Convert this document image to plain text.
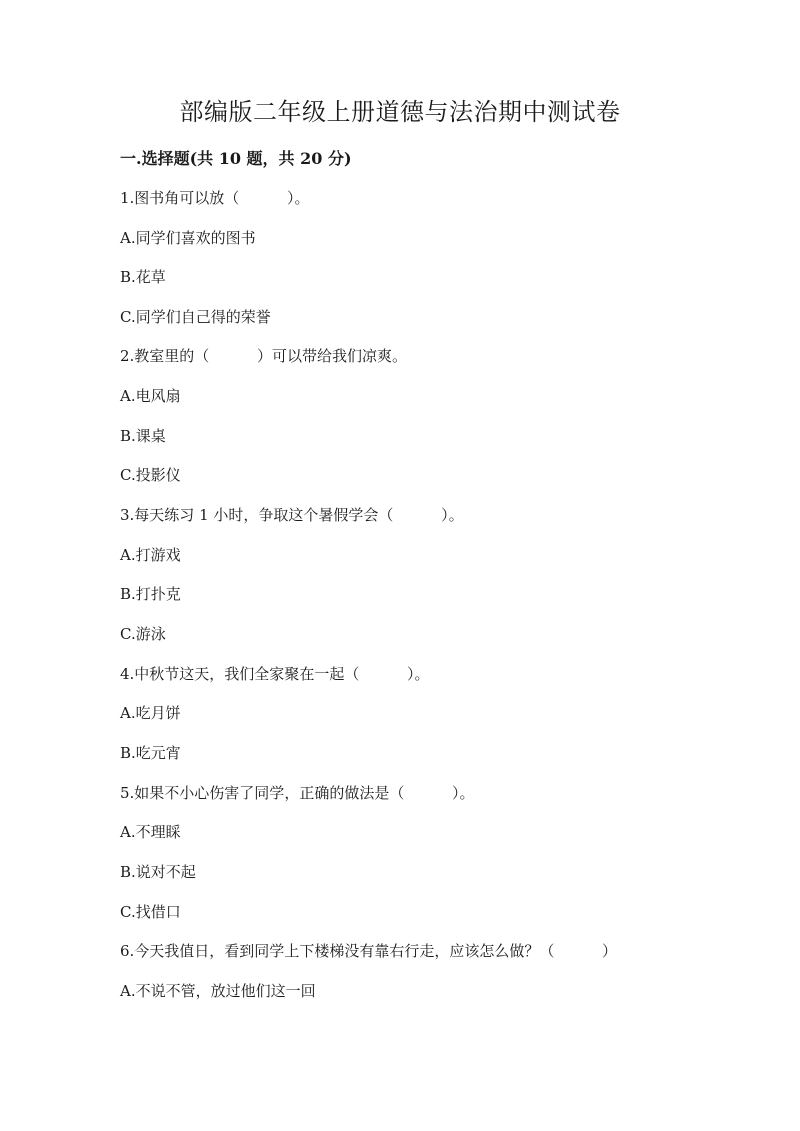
部编版二年级上册道德与法治期中测试卷
一.选择题(共 10 题，共 20 分)
1.图书角可以放（          ）。
A.同学们喜欢的图书
B.花草
C.同学们自己得的荣誉
2.教室里的（          ）可以带给我们凉爽。
A.电风扇
B.课桌
C.投影仪
3.每天练习 1 小时，争取这个暑假学会（          ）。
A.打游戏
B.打扑克
C.游泳
4.中秋节这天，我们全家聚在一起（          ）。
A.吃月饼
B.吃元宵
5.如果不小心伤害了同学，正确的做法是（          ）。
A.不理睬
B.说对不起
C.找借口
6.今天我值日，看到同学上下楼梯没有靠右行走，应该怎么做？（          ）
A.不说不管，放过他们这一回
